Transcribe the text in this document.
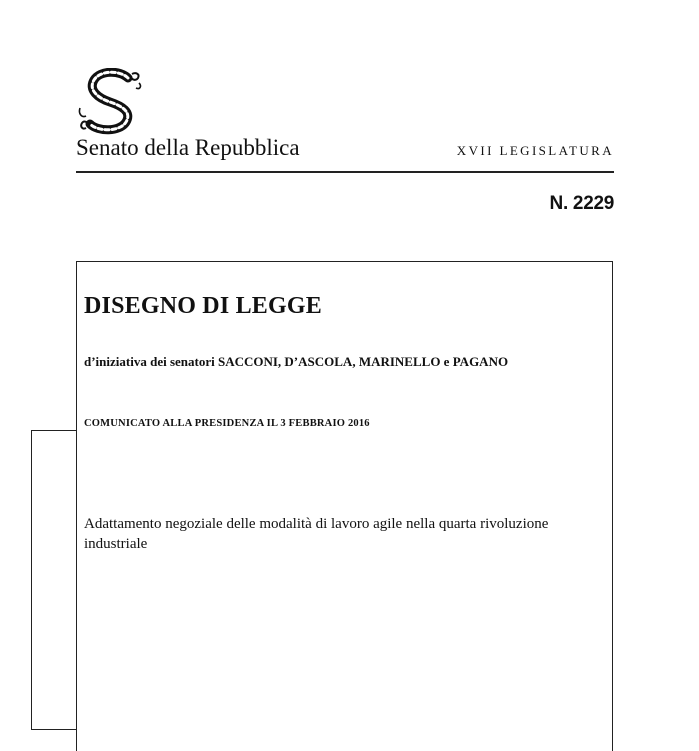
Senato della Repubblica	XVII LEGISLATURA
N. 2229
DISEGNO DI LEGGE
d’iniziativa dei senatori SACCONI, D’ASCOLA, MARINELLO e PAGANO
COMUNICATO ALLA PRESIDENZA IL 3 FEBBRAIO 2016
Adattamento negoziale delle modalità di lavoro agile nella quarta rivoluzione industriale
